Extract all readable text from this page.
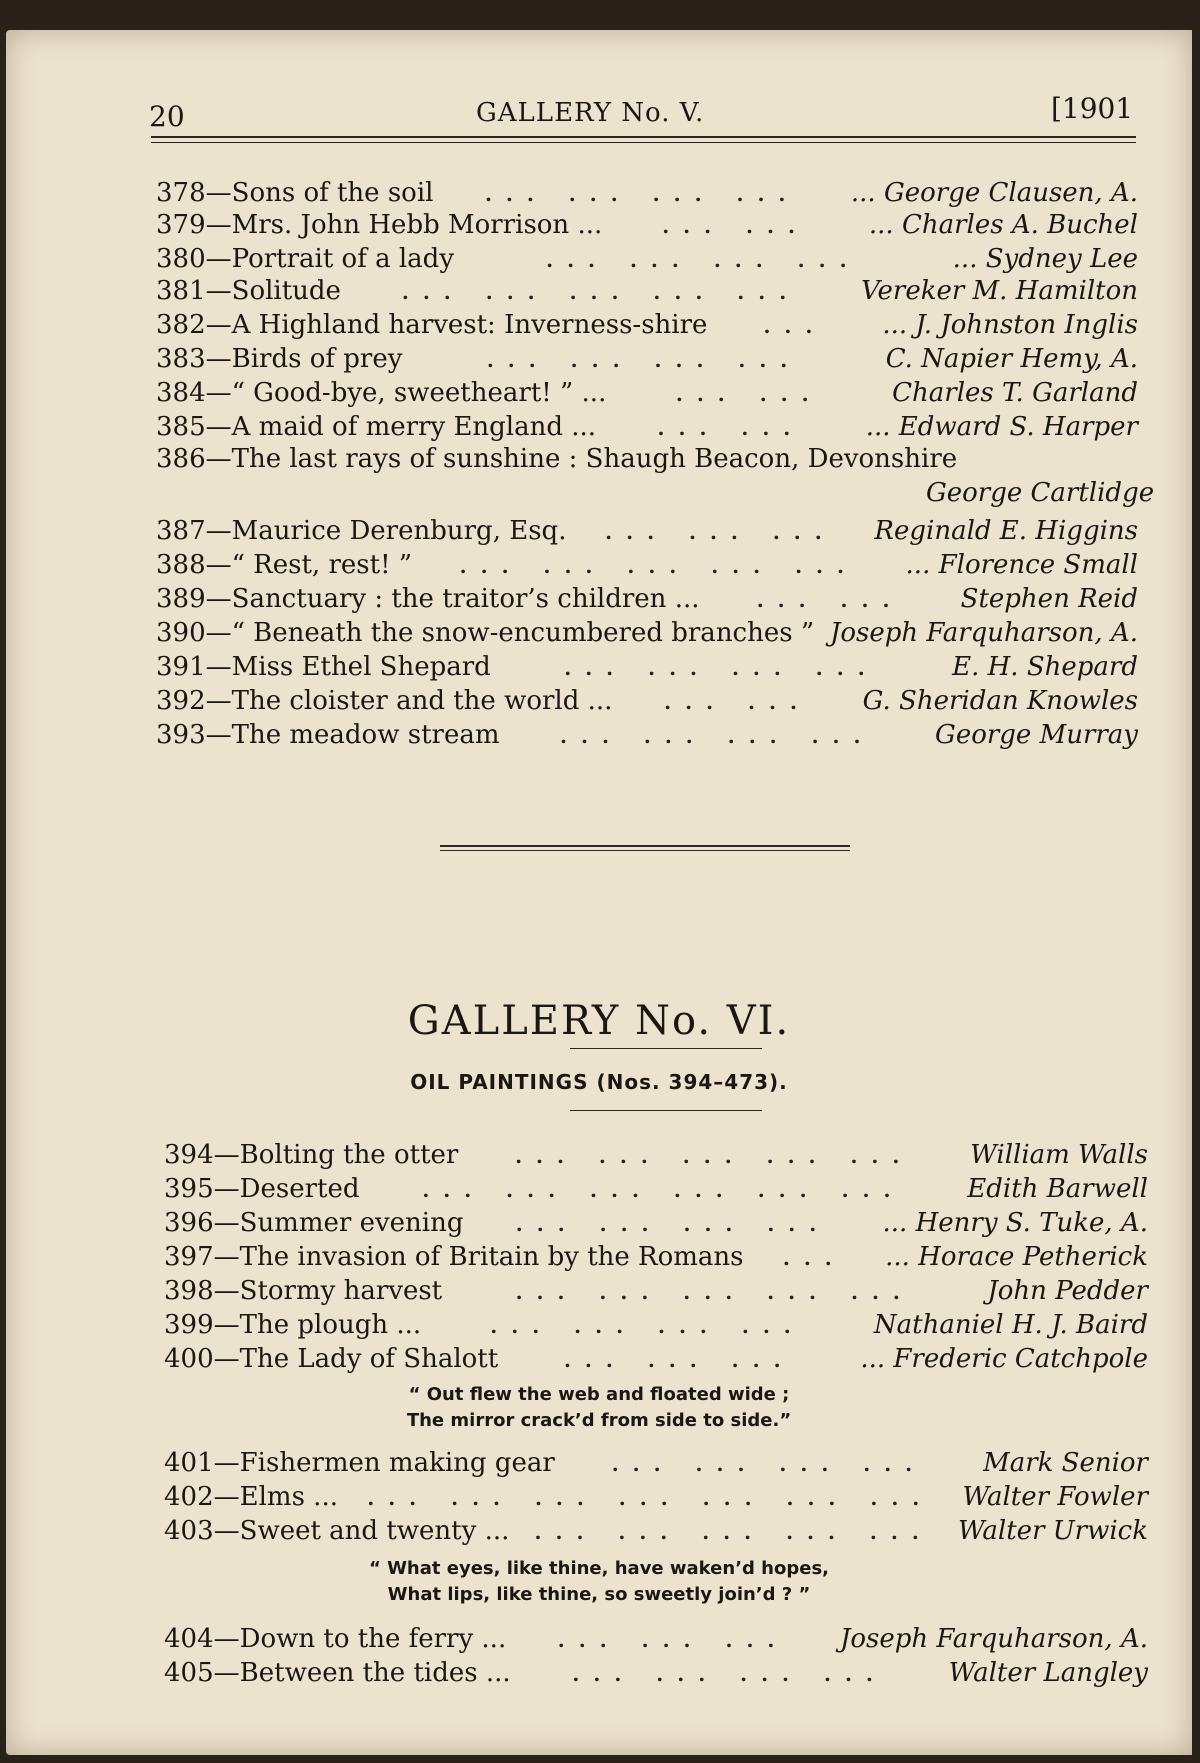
20	GALLERY No. V.	[1901
378—Sons of the soil	... ... ... ...	... George Clausen, A.
379—Mrs. John Hebb Morrison ...	... ...	... Charles A. Buchel
380—Portrait of a lady	... ... ... ...	... Sydney Lee
381—Solitude	... ... ... ... ...	Vereker M. Hamilton
382—A Highland harvest: Inverness-shire	...	... J. Johnston Inglis
383—Birds of prey	... ... ... ...	C. Napier Hemy, A.
384—“ Good-bye, sweetheart! ” ...	... ...	Charles T. Garland
385—A maid of merry England ...	... ...	... Edward S. Harper
386—The last rays of sunshine : Shaugh Beacon, Devonshire
George Cartlidge
387—Maurice Derenburg, Esq.	... ... ...	Reginald E. Higgins
388—“ Rest, rest! ”	... ... ... ... ...	... Florence Small
389—Sanctuary : the traitor’s children ...	... ...	Stephen Reid
390—“ Beneath the snow-encumbered branches ” Joseph Farquharson, A.
391—Miss Ethel Shepard	... ... ... ...	E. H. Shepard
392—The cloister and the world ...	... ...	G. Sheridan Knowles
393—The meadow stream	... ... ... ...	George Murray
GALLERY No. VI.
OIL PAINTINGS (Nos. 394–473).
394—Bolting the otter	... ... ... ... ...	William Walls
395—Deserted	... ... ... ... ... ...	Edith Barwell
396—Summer evening	... ... ... ...	... Henry S. Tuke, A.
397—The invasion of Britain by the Romans	...	... Horace Petherick
398—Stormy harvest	... ... ... ... ...	John Pedder
399—The plough ...	... ... ... ...	Nathaniel H. J. Baird
400—The Lady of Shalott	... ... ...	... Frederic Catchpole
“ Out flew the web and floated wide ;
The mirror crack’d from side to side.”
401—Fishermen making gear	... ... ... ...	Mark Senior
402—Elms ...	... ... ... ... ... ... ...	Walter Fowler
403—Sweet and twenty ...	... ... ... ... ... Walter Urwick
“ What eyes, like thine, have waken’d hopes,
What lips, like thine, so sweetly join’d ? ”
404—Down to the ferry ...	... ... ...	Joseph Farquharson, A.
405—Between the tides ...	... ... ... ...	Walter Langley
